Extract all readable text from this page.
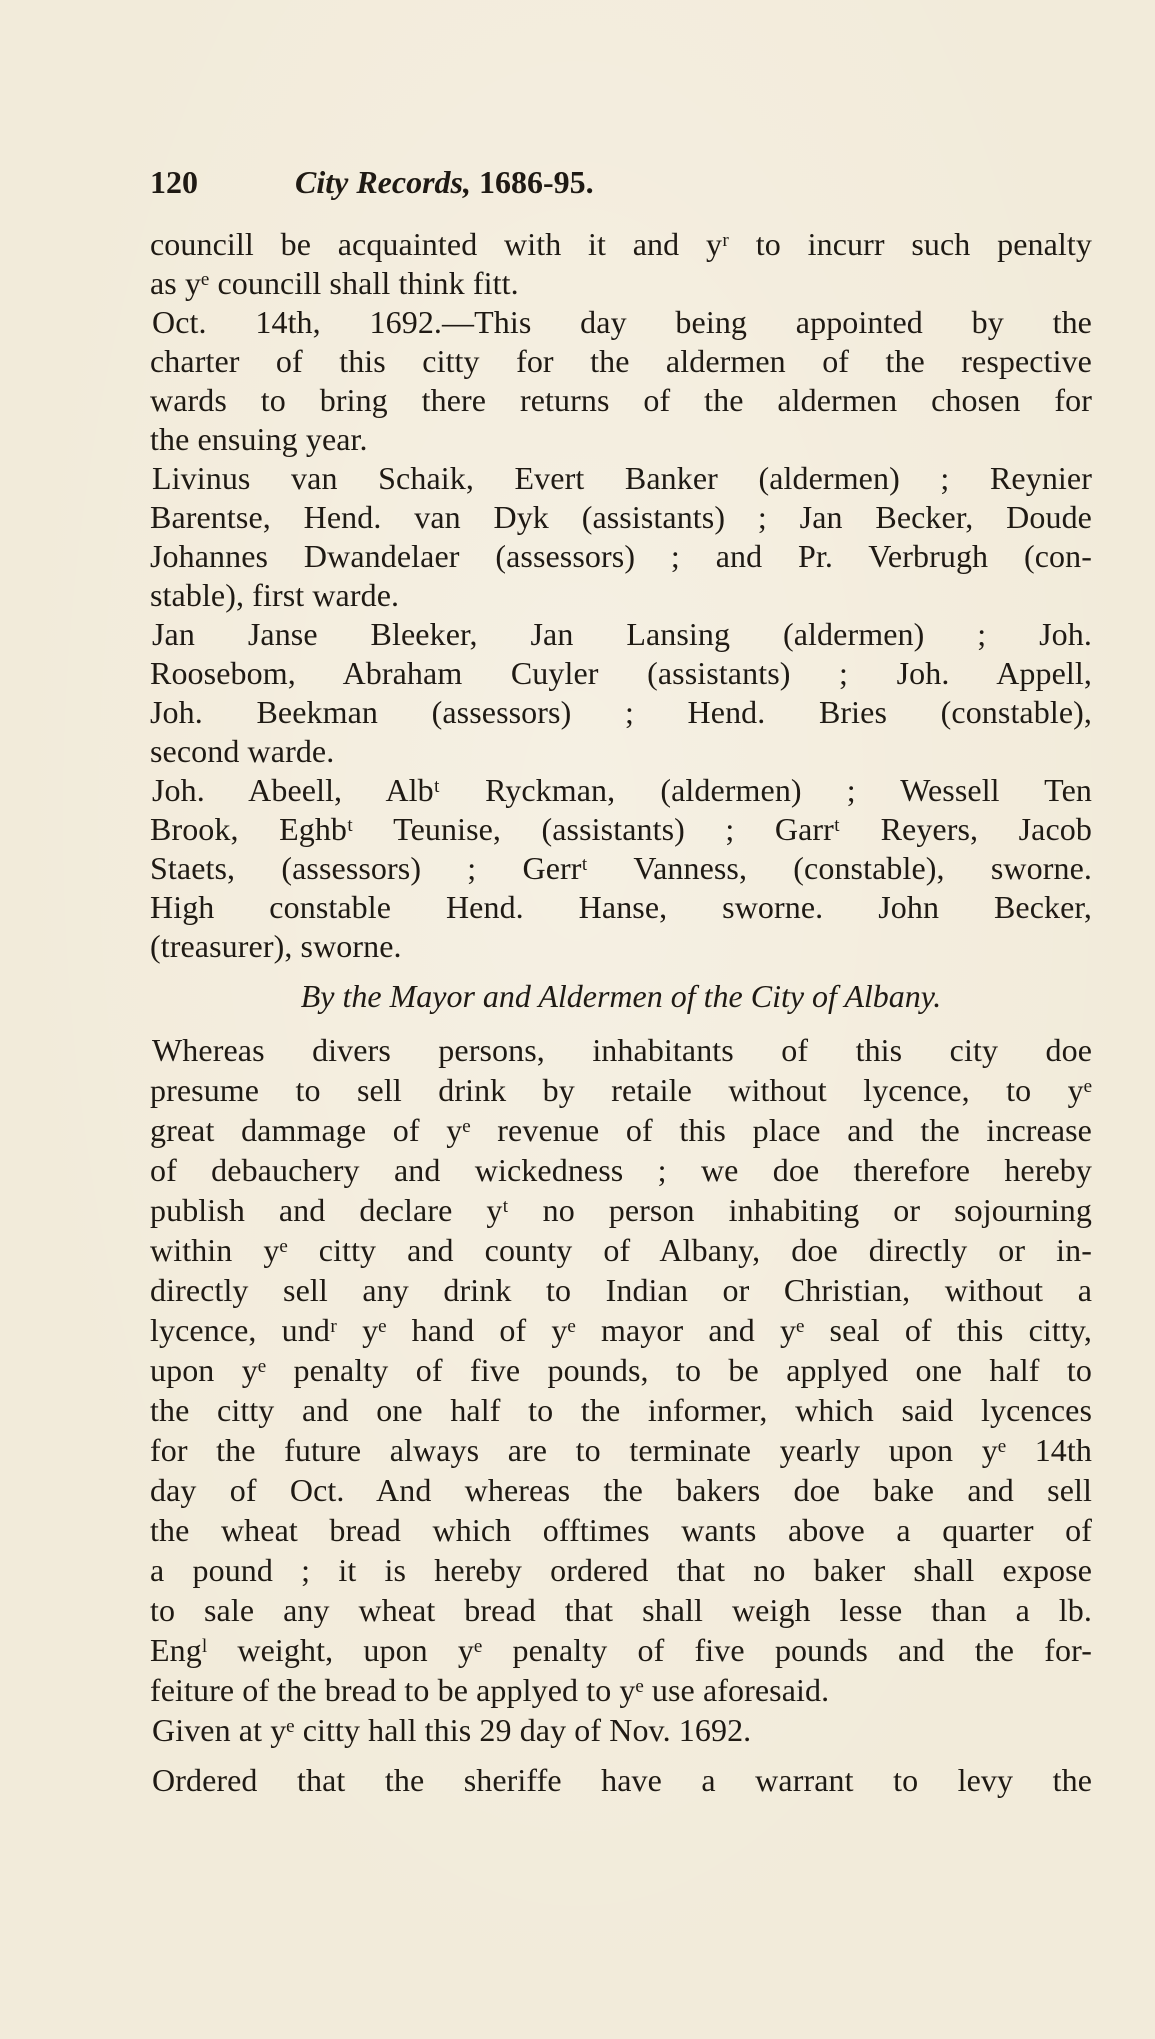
120	City Records, 1686-95.
councill be acquainted with it and yʳ to incurr such penalty
as yᵉ councill shall think fitt.
Oct. 14th, 1692.—This day being appointed by the
charter of this citty for the aldermen of the respective
wards to bring there returns of the aldermen chosen for
the ensuing year.
Livinus van Schaik, Evert Banker (aldermen) ; Reynier
Barentse, Hend. van Dyk (assistants) ; Jan Becker, Doude
Johannes Dwandelaer (assessors) ; and Pr. Verbrugh (con-
stable), first warde.
Jan Janse Bleeker, Jan Lansing (aldermen) ; Joh.
Roosebom, Abraham Cuyler (assistants) ; Joh. Appell,
Joh. Beekman (assessors) ; Hend. Bries (constable),
second warde.
Joh. Abeell, Albᵗ Ryckman, (aldermen) ; Wessell Ten
Brook, Eghbᵗ Teunise, (assistants) ; Garrᵗ Reyers, Jacob
Staets, (assessors) ; Gerrᵗ Vanness, (constable), sworne.
High constable Hend. Hanse, sworne. John Becker,
(treasurer), sworne.
By the Mayor and Aldermen of the City of Albany.
Whereas divers persons, inhabitants of this city doe
presume to sell drink by retaile without lycence, to yᵉ
great dammage of yᵉ revenue of this place and the increase
of debauchery and wickedness ; we doe therefore hereby
publish and declare yᵗ no person inhabiting or sojourning
within yᵉ citty and county of Albany, doe directly or in-
directly sell any drink to Indian or Christian, without a
lycence, undʳ yᵉ hand of yᵉ mayor and yᵉ seal of this citty,
upon yᵉ penalty of five pounds, to be applyed one half to
the citty and one half to the informer, which said lycences
for the future always are to terminate yearly upon yᵉ 14th
day of Oct. And whereas the bakers doe bake and sell
the wheat bread which offtimes wants above a quarter of
a pound ; it is hereby ordered that no baker shall expose
to sale any wheat bread that shall weigh lesse than a lb.
Engˡ weight, upon yᵉ penalty of five pounds and the for-
feiture of the bread to be applyed to yᵉ use aforesaid.
Given at yᵉ citty hall this 29 day of Nov. 1692.
Ordered that the sheriffe have a warrant to levy the
